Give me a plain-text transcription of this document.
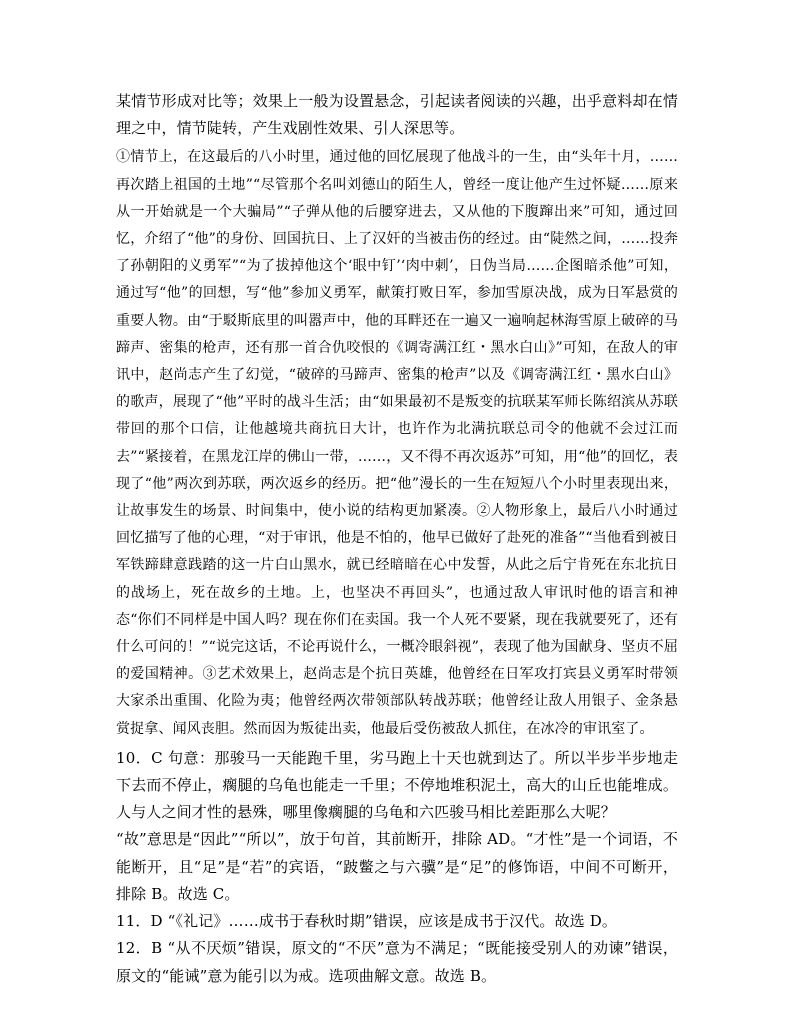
某情节形成对比等；效果上一般为设置悬念，引起读者阅读的兴趣，出乎意料却在情理之中，情节陡转，产生戏剧性效果、引人深思等。

①情节上，在这最后的八小时里，通过他的回忆展现了他战斗的一生，由“头年十月，……再次踏上祖国的土地”“尽管那个名叫刘德山的陌生人，曾经一度让他产生过怀疑……原来从一开始就是一个大骗局”“子弹从他的后腰穿进去，又从他的下腹蹿出来”可知，通过回忆，介绍了“他”的身份、回国抗日、上了汉奸的当被击伤的经过。由“陡然之间，……投奔了孙朝阳的义勇军”“为了拔掉他这个‘眼中钉’‘肉中刺’，日伪当局……企图暗杀他”可知，通过写“他”的回想，写“他”参加义勇军，献策打败日军，参加雪原决战，成为日军悬赏的重要人物。由“于駁斯底里的叫嚣声中，他的耳畔还在一遍又一遍响起林海雪原上破碎的马蹄声、密集的枪声，还有那一首合仇咬恨的《调寄满江红・黑水白山》”可知，在敌人的审讯中，赵尚志产生了幻觉，“破碎的马蹄声、密集的枪声”以及《调寄满江红・黑水白山》的歌声，展现了“他”平时的战斗生活；由“如果最初不是叛变的抗联某军师长陈绍滨从苏联带回的那个口信，让他越境共商抗日大计，也许作为北满抗联总司令的他就不会过江而去”“紧接着，在黑龙江岸的佛山一带，……，又不得不再次返苏”可知，用“他”的回忆，表现了“他”两次到苏联，两次返乡的经历。把“他”漫长的一生在短短八个小时里表现出来，让故事发生的场景、时间集中，使小说的结构更加紧凑。②人物形象上，最后八小时通过回忆描写了他的心理，“对于审讯，他是不怕的，他早已做好了赴死的准备”“当他看到被日军铁蹄肆意践踏的这一片白山黑水，就已经暗暗在心中发誓，从此之后宁肯死在东北抗日的战场上，死在故乡的土地。上，也坚决不再回头”，也通过敌人审讯时他的语言和神态“你们不同样是中国人吗？现在你们在卖国。我一个人死不要紧，现在我就要死了，还有什么可问的！”“说完这话，不论再说什么，一概冷眼斜视”，表现了他为国献身、坚贞不屈的爱国精神。③艺术效果上，赵尚志是个抗日英雄，他曾经在日军攻打宾县义勇军时带领大家杀出重围、化险为夷；他曾经两次带领部队转战苏联；他曾经让敌人用银子、金条悬赏捉拿、闻风丧胆。然而因为叛徒出卖，他最后受伤被敌人抓住，在冰冷的审讯室了。

10．C 句意：那骏马一天能跑千里，劣马跑上十天也就到达了。所以半步半步地走下去而不停止，瘸腿的乌龟也能走一千里；不停地堆积泥土，高大的山丘也能堆成。人与人之间才性的悬殊，哪里像瘸腿的乌龟和六匹骏马相比差距那么大呢？

“故”意思是“因此”“所以”，放于句首，其前断开，排除 AD。“才性”是一个词语，不能断开，且“足”是“若”的宾语，“跛鳖之与六骥”是“足”的修饰语，中间不可断开，排除 B。故选 C。

11．D “《礼记》……成书于春秋时期”错误，应该是成书于汉代。故选 D。

12．B “从不厌烦”错误，原文的“不厌”意为不满足；“既能接受别人的劝谏”错误，原文的“能诫”意为能引以为戒。选项曲解文意。故选 B。
